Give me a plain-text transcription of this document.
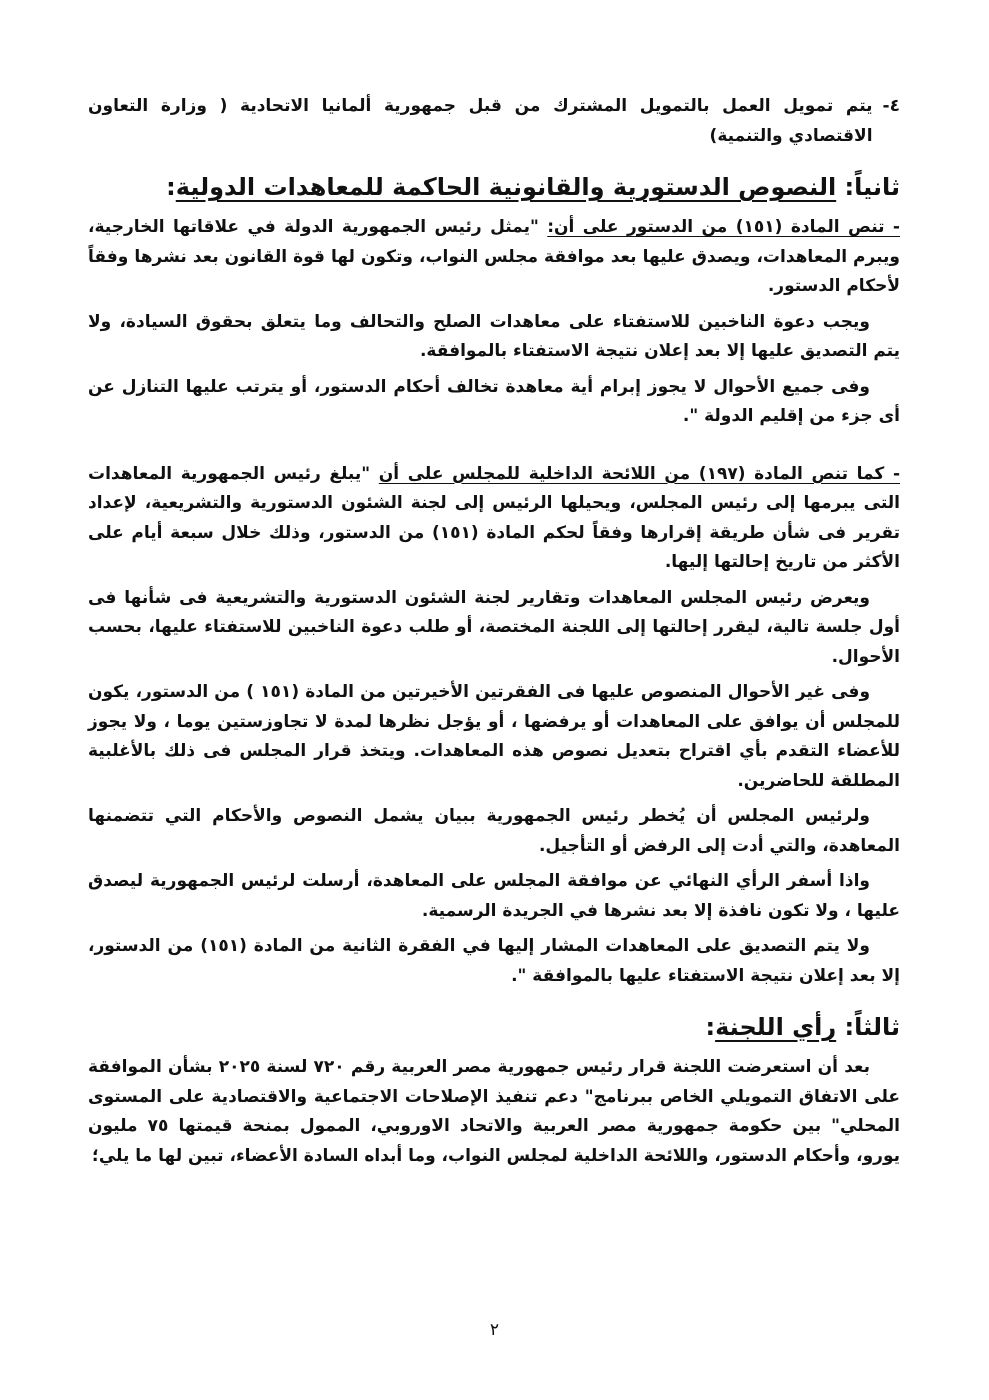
٤-

يتم تمويل العمل بالتمويل المشترك من قبل جمهورية ألمانيا الاتحادية ( وزارة التعاون الاقتصادي والتنمية)

ثانياً: النصوص الدستورية والقانونية الحاكمة للمعاهدات الدولية:

- تنص المادة (١٥١) من الدستور على أن: "يمثل رئيس الجمهورية الدولة في علاقاتها الخارجية، ويبرم المعاهدات، ويصدق عليها بعد موافقة مجلس النواب، وتكون لها قوة القانون بعد نشرها وفقاً لأحكام الدستور.

ويجب دعوة الناخبين للاستفتاء على معاهدات الصلح والتحالف وما يتعلق بحقوق السيادة، ولا يتم التصديق عليها إلا بعد إعلان نتيجة الاستفتاء بالموافقة.

وفى جميع الأحوال لا يجوز إبرام أية معاهدة تخالف أحكام الدستور، أو يترتب عليها التنازل عن أى جزء من إقليم الدولة ".

- كما تنص المادة (١٩٧) من اللائحة الداخلية للمجلس على أن "يبلغ رئيس الجمهورية المعاهدات التى يبرمها إلى رئيس المجلس، ويحيلها الرئيس إلى لجنة الشئون الدستورية والتشريعية، لإعداد تقرير فى شأن طريقة إقرارها وفقاً لحكم المادة (١٥١) من الدستور، وذلك خلال سبعة أيام على الأكثر من تاريخ إحالتها إليها.

ويعرض رئيس المجلس المعاهدات وتقارير لجنة الشئون الدستورية والتشريعية فى شأنها فى أول جلسة تالية، ليقرر إحالتها إلى اللجنة المختصة، أو طلب دعوة الناخبين للاستفتاء عليها، بحسب الأحوال.

وفى غير الأحوال المنصوص عليها فى الفقرتين الأخيرتين من المادة (١٥١ ) من الدستور، يكون للمجلس أن يوافق على المعاهدات أو يرفضها ، أو يؤجل نظرها لمدة لا تجاوزستين يوما ، ولا يجوز للأعضاء التقدم بأي اقتراح بتعديل نصوص هذه المعاهدات. ويتخذ قرار المجلس فى ذلك بالأغلبية المطلقة للحاضرين.

ولرئيس المجلس أن يُخطر رئيس الجمهورية ببيان يشمل النصوص والأحكام التي تتضمنها المعاهدة، والتي أدت إلى الرفض أو التأجيل.

واذا أسفر الرأي النهائي عن موافقة المجلس على المعاهدة، أرسلت لرئيس الجمهورية ليصدق عليها ، ولا تكون نافذة إلا بعد نشرها في الجريدة الرسمية.

ولا يتم التصديق على المعاهدات المشار إليها في الفقرة الثانية من المادة (١٥١) من الدستور، إلا بعد إعلان نتيجة الاستفتاء عليها بالموافقة ".

ثالثاً: رأي اللجنة:

بعد أن استعرضت اللجنة قرار رئيس جمهورية مصر العربية رقم ٧٢٠ لسنة ٢٠٢٥ بشأن الموافقة على الاتفاق التمويلي الخاص ببرنامج" دعم تنفيذ الإصلاحات الاجتماعية والاقتصادية على المستوى المحلي" بين حكومة جمهورية مصر العربية والاتحاد الاوروبي، الممول بمنحة قيمتها ٧٥ مليون يورو، وأحكام الدستور، واللائحة الداخلية لمجلس النواب، وما أبداه السادة الأعضاء، تبين لها ما يلي؛

٢
